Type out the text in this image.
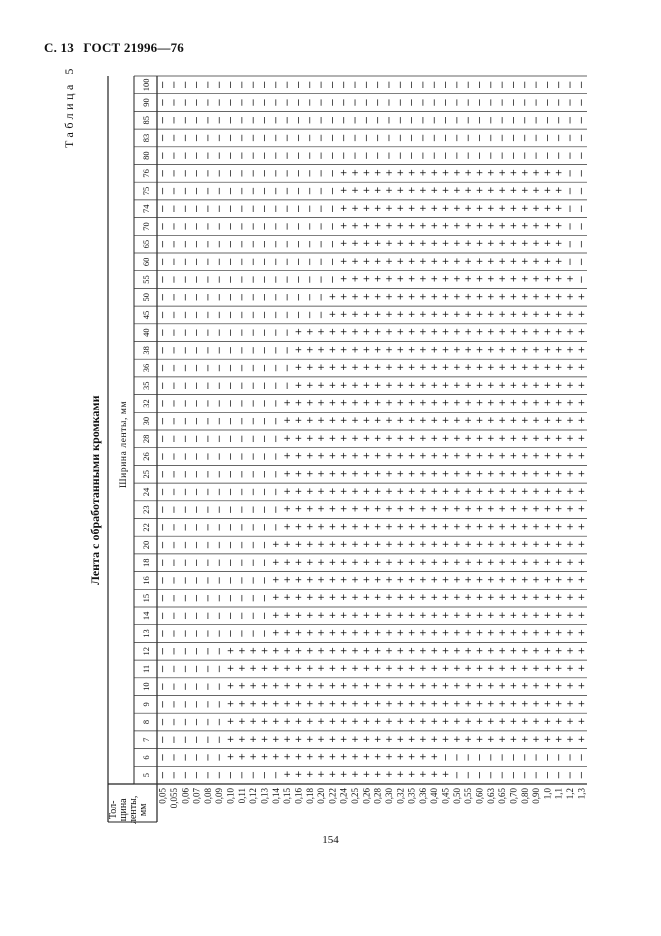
С. 13 ГОСТ 21996—76
Таблица 5
Лента с обработанными кромками Ширина ленты, мм
Тол- щина ленты, мм
5
6
7
8
9
10
11
12
13
14
15
16
18
20
22
23
24
25
26
28
30
32
35
36
38
40
45
50
55
60
65
70
74
75
76
80
83
85
90
100
0,05 0,055 0,06 0,07 0,08 0,09 0,10 0,11 0,12 0,13 0,14 0,15 0,16 0,18 0,20 0,22 0,24 0,25 0,26 0,28 0,30 0,32 0,35 0,36 0,40 0,45 0,50 0,55 0,60 0,63 0,65 0,70 0,80 0,90 1,0 1,1 1,2 1,3
+ + + + + + + + + + + + + + +
+ + + + + + + + + + + + + + + + + + +
+ + + + + + + + + + + + + + + + + + + + + + + + + + + + + + + +
+ + + + + + + + + + + + + + + + + + + + + + + + + + + + + + + +
+ + + + + + + + + + + + + + + + + + + + + + + + + + + + + + + +
+ + + + + + + + + + + + + + + + + + + + + + + + + + + + + + + +
+ + + + + + + + + + + + + + + + + + + + + + + + + + + + + + + +
+ + + + + + + + + + + + + + + + + + + + + + + + + + + + + + + +
+ + + + + + + + + + + + + + + + + + + + + + + + + + + +
+ + + + + + + + + + + + + + + + + + + + + + + + + + + +
+ + + + + + + + + + + + + + + + + + + + + + + + + + + +
+ + + + + + + + + + + + + + + + + + + + + + + + + + + +
+ + + + + + + + + + + + + + + + + + + + + + + + + + + +
+ + + + + + + + + + + + + + + + + + + + + + + + + + + +
+ + + + + + + + + + + + + + + + + + + + + + + + + + +
+ + + + + + + + + + + + + + + + + + + + + + + + + + +
+ + + + + + + + + + + + + + + + + + + + + + + + + + +
+ + + + + + + + + + + + + + + + + + + + + + + + + + +
+ + + + + + + + + + + + + + + + + + + + + + + + + + +
+ + + + + + + + + + + + + + + + + + + + + + + + + + +
+ + + + + + + + + + + + + + + + + + + + + + + + + + +
+ + + + + + + + + + + + + + + + + + + + + + + + + + +
+ + + + + + + + + + + + + + + + + + + + + + + + + +
+ + + + + + + + + + + + + + + + + + + + + + + + + +
+ + + + + + + + + + + + + + + + + + + + + + + + + +
+ + + + + + + + + + + + + + + + + + + + + + + + + +
+ + + + + + + + + + + + + + + + + + + + + + +
+ + + + + + + + + + + + + + + + + + + + + + +
+ + + + + + + + + + + + + + + + + + + + +
+ + + + + + + + + + + + + + + + + + + +
+ + + + + + + + + + + + + + + + + + + +
+ + + + + + + + + + + + + + + + + + + +
+ + + + + + + + + + + + + + + + + + + +
+ + + + + + + + + + + + + + + + + + + +
+ + + + + + + + + + + + + + + + + + + +
154
